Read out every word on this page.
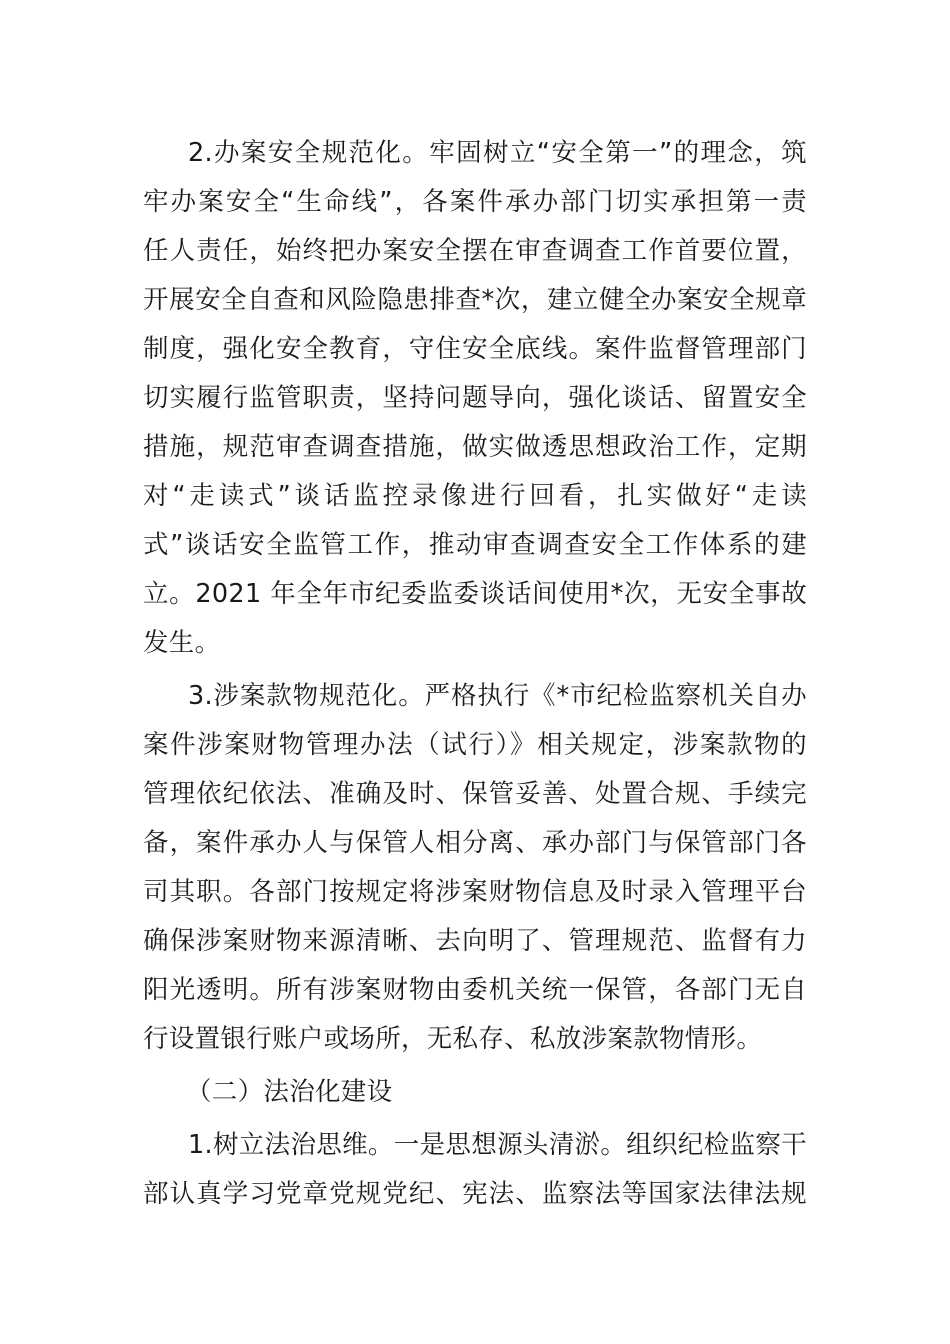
2.办案安全规范化。牢固树立“安全第一”的理念，筑
牢办案安全“生命线”，各案件承办部门切实承担第一责
任人责任，始终把办案安全摆在审查调查工作首要位置，
开展安全自查和风险隐患排查*次，建立健全办案安全规章
制度，强化安全教育，守住安全底线。案件监督管理部门
切实履行监管职责，坚持问题导向，强化谈话、留置安全
措施，规范审查调查措施，做实做透思想政治工作，定期
对“走读式”谈话监控录像进行回看，扎实做好“走读
式”谈话安全监管工作，推动审查调查安全工作体系的建
立。2021 年全年市纪委监委谈话间使用*次，无安全事故
发生。
3.涉案款物规范化。严格执行《*市纪检监察机关自办
案件涉案财物管理办法（试行）》相关规定，涉案款物的
管理依纪依法、准确及时、保管妥善、处置合规、手续完
备，案件承办人与保管人相分离、承办部门与保管部门各
司其职。各部门按规定将涉案财物信息及时录入管理平台
确保涉案财物来源清晰、去向明了、管理规范、监督有力
阳光透明。所有涉案财物由委机关统一保管，各部门无自
行设置银行账户或场所，无私存、私放涉案款物情形。
（二）法治化建设
1.树立法治思维。一是思想源头清淤。组织纪检监察干
部认真学习党章党规党纪、宪法、监察法等国家法律法规
